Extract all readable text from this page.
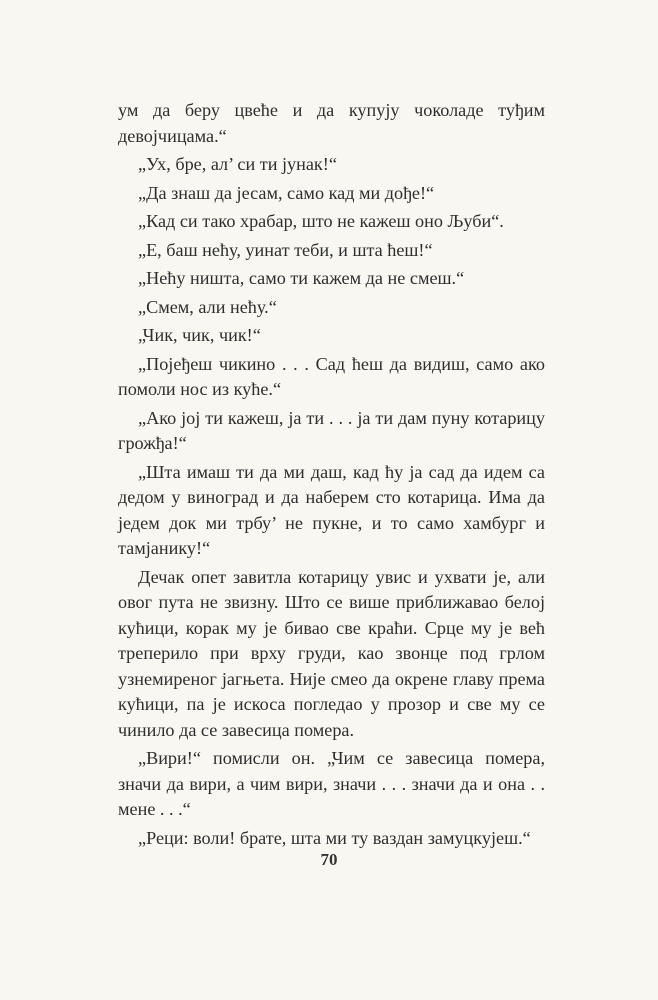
ум да беру цвеће и да купују чоколаде туђим девојчицама.“

„Ух, бре, ал’ си ти јунак!“

„Да знаш да јесам, само кад ми дође!“

„Кад си тако храбар, што не кажеш оно Љуби“.

„Е, баш нећу, уинат теби, и шта ћеш!“

„Нећу ништа, само ти кажем да не смеш.“

„Смем, али нећу.“

„Чик, чик, чик!“

„Појеђеш чикино . . . Сад ћеш да видиш, само ако помоли нос из куће.“

„Ако јој ти кажеш, ја ти . . . ја ти дам пуну котарицу грожђа!“

„Шта имаш ти да ми даш, кад ћу ја сад да идем са дедом у виноград и да наберем сто котарица. Има да једем док ми трбу’ не пукне, и то само хамбург и тамјанику!“

Дечак опет завитла котарицу увис и ухвати је, али овог пута не звизну. Што се више приближавао белој кућици, корак му је бивао све краћи. Срце му је већ треперило при врху груди, као звонце под грлом узнемиреног јагњета. Није смео да окрене главу према кућици, па је искоса погледао у прозор и све му се чинило да се завесица помера.

„Вири!“ помисли он. „Чим се завесица помера, значи да вири, а чим вири, значи . . . значи да и она . . мене . . .“

„Реци: воли! брате, шта ми ту ваздан замуцкујеш.“

70
